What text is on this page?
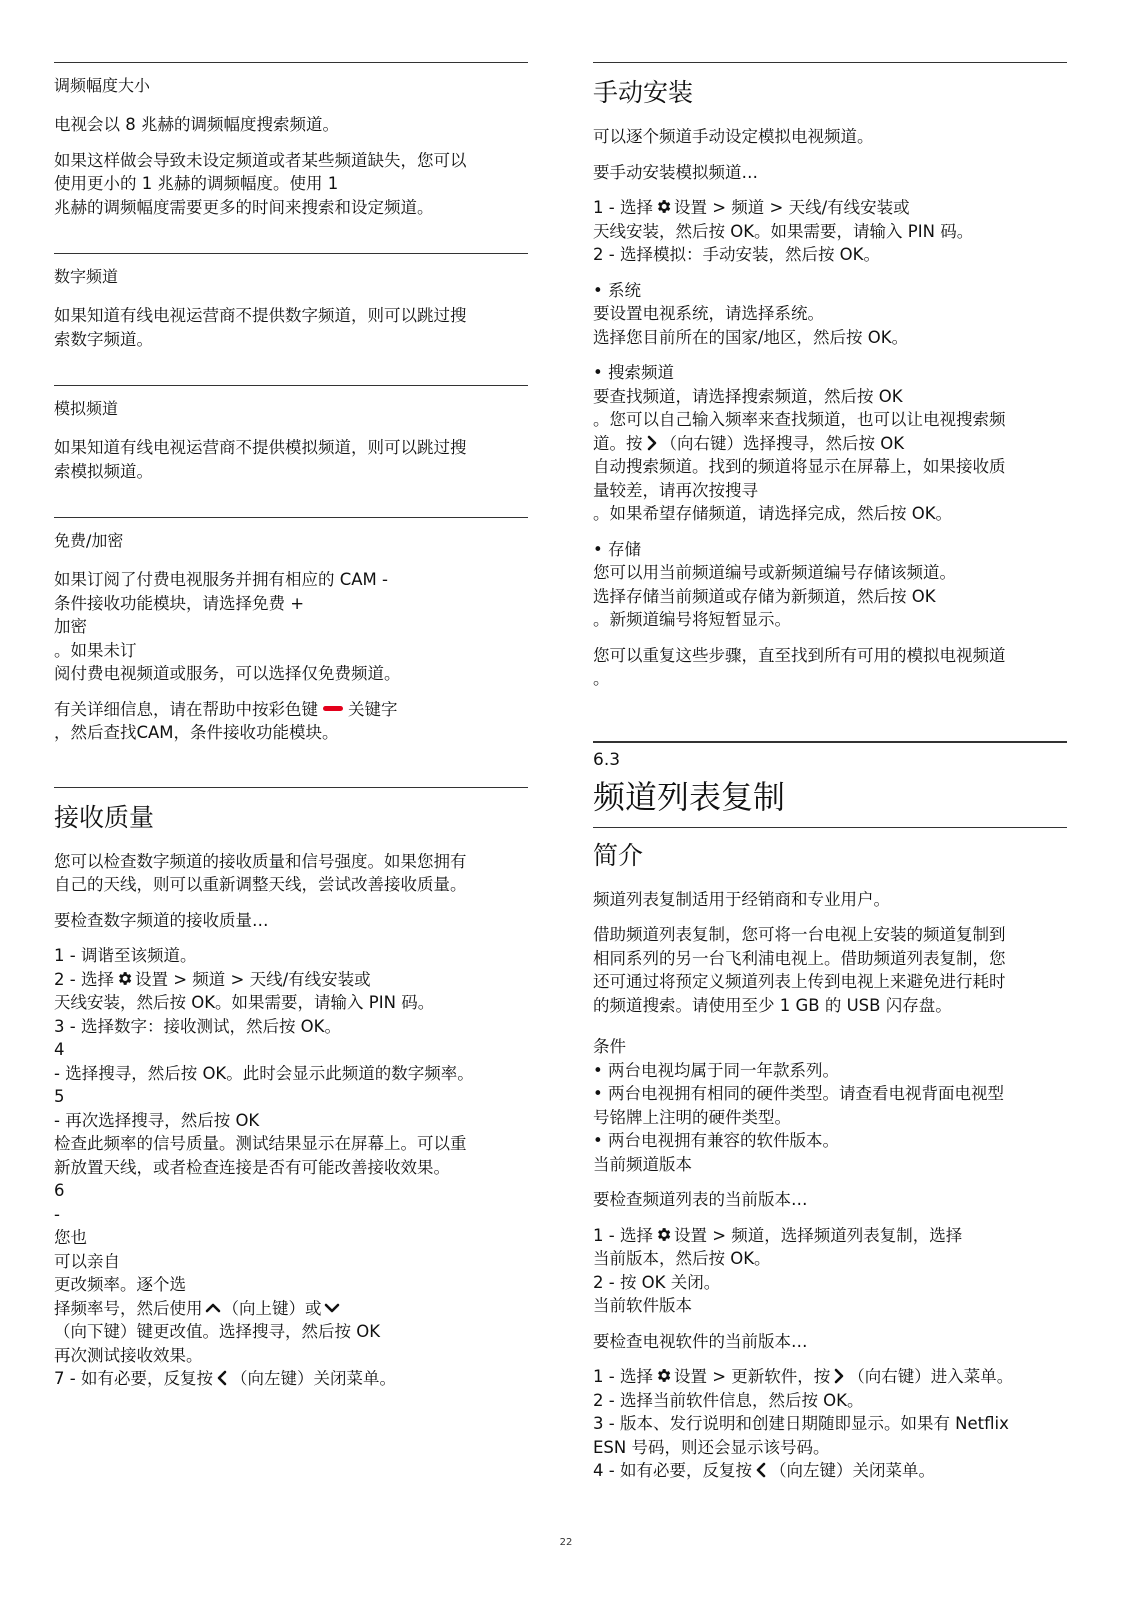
调频幅度大小

电视会以 8 兆赫的调频幅度搜索频道。

如果这样做会导致未设定频道或者某些频道缺失，您可以

使用更小的 1 兆赫的调频幅度。使用 1

兆赫的调频幅度需要更多的时间来搜索和设定频道。

数字频道

如果知道有线电视运营商不提供数字频道，则可以跳过搜

索数字频道。

模拟频道

如果知道有线电视运营商不提供模拟频道，则可以跳过搜

索模拟频道。

免费/加密

如果订阅了付费电视服务并拥有相应的 CAM -

条件接收功能模块，请选择免费 +

加密

。如果未订

阅付费电视频道或服务，可以选择仅免费频道。

有关详细信息，请在帮助中按彩色键 关键字

，然后查找CAM，条件接收功能模块。

接收质量

您可以检查数字频道的接收质量和信号强度。如果您拥有

自己的天线，则可以重新调整天线，尝试改善接收质量。

要检查数字频道的接收质量…

1 - 调谐至该频道。

2 - 选择 设置 > 频道 > 天线/有线安装或

天线安装，然后按 OK。如果需要，请输入 PIN 码。

3 - 选择数字：接收测试，然后按 OK。

4

- 选择搜寻，然后按 OK。此时会显示此频道的数字频率。

5

- 再次选择搜寻，然后按 OK

检查此频率的信号质量。测试结果显示在屏幕上。可以重

新放置天线，或者检查连接是否有可能改善接收效果。

6

-

您也

可以亲自

更改频率。逐个选

择频率号，然后使用 （向上键）或

（向下键）键更改值。选择搜寻，然后按 OK

再次测试接收效果。

7 - 如有必要，反复按 （向左键）关闭菜单。

手动安装

可以逐个频道手动设定模拟电视频道。

要手动安装模拟频道…

1 - 选择 设置 > 频道 > 天线/有线安装或

天线安装，然后按 OK。如果需要，请输入 PIN 码。

2 - 选择模拟：手动安装，然后按 OK。

• 系统

要设置电视系统，请选择系统。

选择您目前所在的国家/地区，然后按 OK。

• 搜索频道

要查找频道，请选择搜索频道，然后按 OK

。您可以自己输入频率来查找频道，也可以让电视搜索频

道。按 （向右键）选择搜寻，然后按 OK

自动搜索频道。找到的频道将显示在屏幕上，如果接收质

量较差，请再次按搜寻

。如果希望存储频道，请选择完成，然后按 OK。

• 存储

您可以用当前频道编号或新频道编号存储该频道。

选择存储当前频道或存储为新频道，然后按 OK

。新频道编号将短暂显示。

您可以重复这些步骤，直至找到所有可用的模拟电视频道

。

6.3
频道列表复制
简介

频道列表复制适用于经销商和专业用户。

借助频道列表复制，您可将一台电视上安装的频道复制到

相同系列的另一台飞利浦电视上。借助频道列表复制，您

还可通过将预定义频道列表上传到电视上来避免进行耗时

的频道搜索。请使用至少 1 GB 的 USB 闪存盘。

条件

• 两台电视均属于同一年款系列。

• 两台电视拥有相同的硬件类型。请查看电视背面电视型

号铭牌上注明的硬件类型。

• 两台电视拥有兼容的软件版本。

当前频道版本

要检查频道列表的当前版本…

1 - 选择 设置 > 频道，选择频道列表复制，选择

当前版本，然后按 OK。

2 - 按 OK 关闭。

当前软件版本

要检查电视软件的当前版本…

1 - 选择 设置 > 更新软件，按 （向右键）进入菜单。

2 - 选择当前软件信息，然后按 OK。

3 - 版本、发行说明和创建日期随即显示。如果有 Netflix

ESN 号码，则还会显示该号码。

4 - 如有必要，反复按 （向左键）关闭菜单。

22
